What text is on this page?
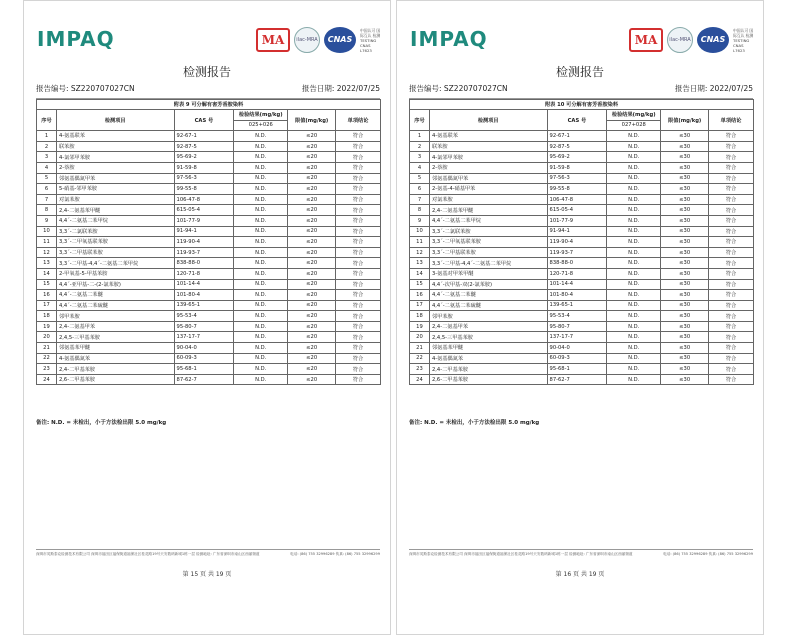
IMPAQ	MA	ilac-MRA	CNAS
中国认可 国际互认 检测 TESTING CNAS L7623
检测报告
报告编号: SZ220707027CN	报告日期: 2022/07/25
附表 9 可分解有害芳香胺染料					
序号	检测项目	CAS 号	检验结果(mg/kg)	限值(mg/kg)	单项结论
			025+026		
1	4-氨基联苯	92-67-1	N.D.	≤20	符合
2	联苯胺	92-87-5	N.D.	≤20	符合
3	4-氯邻甲苯胺	95-69-2	N.D.	≤20	符合
4	2-萘胺	91-59-8	N.D.	≤20	符合
5	邻氨基偶氮甲苯	97-56-3	N.D.	≤20	符合
6	5-硝基-邻甲苯胺	99-55-8	N.D.	≤20	符合
7	对氯苯胺	106-47-8	N.D.	≤20	符合
8	2,4-二氨基苯甲醚	615-05-4	N.D.	≤20	符合
9	4,4´-二氨基二苯甲烷	101-77-9	N.D.	≤20	符合
10	3,3´-二氯联苯胺	91-94-1	N.D.	≤20	符合
11	3,3´-二甲氧基联苯胺	119-90-4	N.D.	≤20	符合
12	3,3´-二甲基联苯胺	119-93-7	N.D.	≤20	符合
13	3,3´-二甲基-4,4´-二氨基二苯甲烷	838-88-0	N.D.	≤20	符合
14	2-甲氧基-5-甲基苯胺	120-71-8	N.D.	≤20	符合
15	4,4´-亚甲基-二-(2-氯苯胺)	101-14-4	N.D.	≤20	符合
16	4,4´-二氨基二苯醚	101-80-4	N.D.	≤20	符合
17	4,4´-二氨基二苯硫醚	139-65-1	N.D.	≤20	符合
18	邻甲苯胺	95-53-4	N.D.	≤20	符合
19	2,4-二氨基甲苯	95-80-7	N.D.	≤20	符合
20	2,4,5-三甲基苯胺	137-17-7	N.D.	≤20	符合
21	邻氨基苯甲醚	90-04-0	N.D.	≤20	符合
22	4-氨基偶氮苯	60-09-3	N.D.	≤20	符合
23	2,4-二甲基苯胺	95-68-1	N.D.	≤20	符合
24	2,6-二甲基苯胺	87-62-7	N.D.	≤20	符合
备注: N.D. = 未检出，小于方法检出限 5.0 mg/kg
深圳市英斯泰克检测技术有限公司 深圳市福田区福保街道福保社区桂花路19号天安数码新城1栋一层 检测地址: 广东省深圳市南山区西丽街道	电话: (86) 755 32996289 传真: (86) 755 32996299
第 15 页 共 19 页
IMPAQ	MA	ilac-MRA	CNAS
中国认可 国际互认 检测 TESTING CNAS L7623
检测报告
报告编号: SZ220707027CN	报告日期: 2022/07/25
附表 10 可分解有害芳香胺染料					
序号	检测项目	CAS 号	检验结果(mg/kg)	限值(mg/kg)	单项结论
			027+028		
1	4-氨基联苯	92-67-1	N.D.	≤30	符合
2	联苯胺	92-87-5	N.D.	≤30	符合
3	4-氯邻甲苯胺	95-69-2	N.D.	≤30	符合
4	2-萘胺	91-59-8	N.D.	≤30	符合
5	邻氨基偶氮甲苯	97-56-3	N.D.	≤30	符合
6	2-氨基-4-硝基甲苯	99-55-8	N.D.	≤30	符合
7	对氯苯胺	106-47-8	N.D.	≤30	符合
8	2,4-二氨基苯甲醚	615-05-4	N.D.	≤30	符合
9	4,4´-二氨基二苯甲烷	101-77-9	N.D.	≤30	符合
10	3,3´-二氯联苯胺	91-94-1	N.D.	≤30	符合
11	3,3´-二甲氧基联苯胺	119-90-4	N.D.	≤30	符合
12	3,3´-二甲基联苯胺	119-93-7	N.D.	≤30	符合
13	3,3´-二甲基-4,4´-二氨基二苯甲烷	838-88-0	N.D.	≤30	符合
14	3-氨基对甲苯甲醚	120-71-8	N.D.	≤30	符合
15	4,4´-次甲基-双(2-氯苯胺)	101-14-4	N.D.	≤30	符合
16	4,4´-二氨基二苯醚	101-80-4	N.D.	≤30	符合
17	4,4´-二氨基二苯硫醚	139-65-1	N.D.	≤30	符合
18	邻甲苯胺	95-53-4	N.D.	≤30	符合
19	2,4-二氨基甲苯	95-80-7	N.D.	≤30	符合
20	2,4,5-三甲基苯胺	137-17-7	N.D.	≤30	符合
21	邻氨基苯甲醚	90-04-0	N.D.	≤30	符合
22	4-氨基偶氮苯	60-09-3	N.D.	≤30	符合
23	2,4-二甲基苯胺	95-68-1	N.D.	≤30	符合
24	2,6-二甲基苯胺	87-62-7	N.D.	≤30	符合
备注: N.D. = 未检出，小于方法检出限 5.0 mg/kg
深圳市英斯泰克检测技术有限公司 深圳市福田区福保街道福保社区桂花路19号天安数码新城1栋一层 检测地址: 广东省深圳市南山区西丽街道	电话: (86) 755 32996289 传真: (86) 755 32996299
第 16 页 共 19 页
